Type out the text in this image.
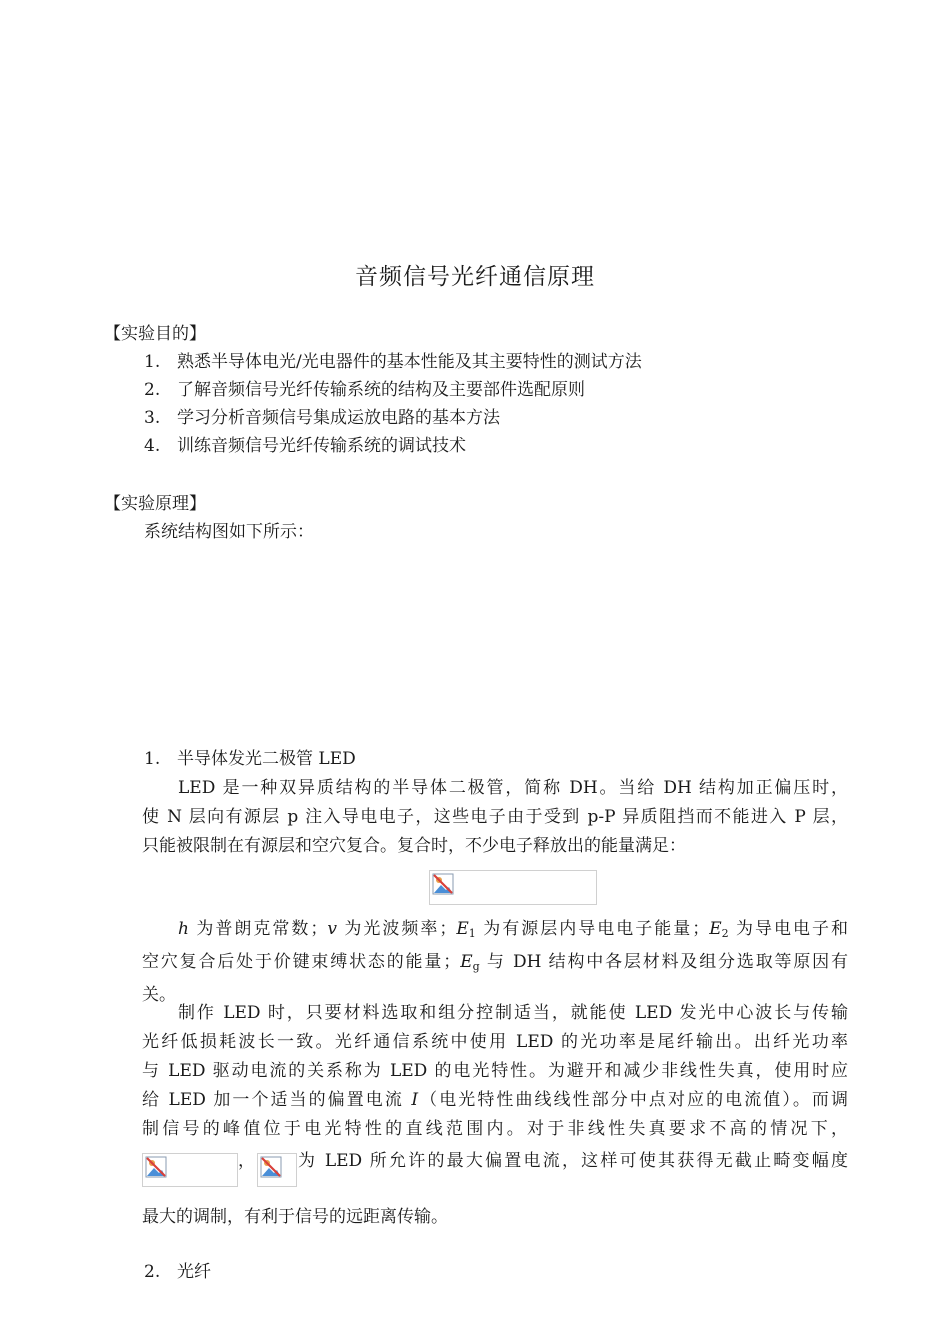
音频信号光纤通信原理
【实验目的】
1. 熟悉半导体电光/光电器件的基本性能及其主要特性的测试方法
2. 了解音频信号光纤传输系统的结构及主要部件选配原则
3. 学习分析音频信号集成运放电路的基本方法
4. 训练音频信号光纤传输系统的调试技术
【实验原理】
系统结构图如下所示：
1. 半导体发光二极管 LED
LED 是一种双异质结构的半导体二极管，简称 DH。当给 DH 结构加正偏压时，
使 N 层向有源层 p 注入导电电子，这些电子由于受到 p-P 异质阻挡而不能进入 P 层，
只能被限制在有源层和空穴复合。复合时，不少电子释放出的能量满足：
h 为普朗克常数；v 为光波频率；E1 为有源层内导电电子能量；E2 为导电电子和
空穴复合后处于价键束缚状态的能量；Eg 与 DH 结构中各层材料及组分选取等原因有
关。
制作 LED 时，只要材料选取和组分控制适当，就能使 LED 发光中心波长与传输
光纤低损耗波长一致。光纤通信系统中使用 LED 的光功率是尾纤输出。出纤光功率
与 LED 驱动电流的关系称为 LED 的电光特性。为避开和减少非线性失真，使用时应
给 LED 加一个适当的偏置电流 I（电光特性曲线线性部分中点对应的电流值）。而调
制信号的峰值位于电光特性的直线范围内。对于非线性失真要求不高的情况下，
，	为 LED 所允许的最大偏置电流，这样可使其获得无截止畸变幅度
最大的调制，有利于信号的远距离传输。
2. 光纤
